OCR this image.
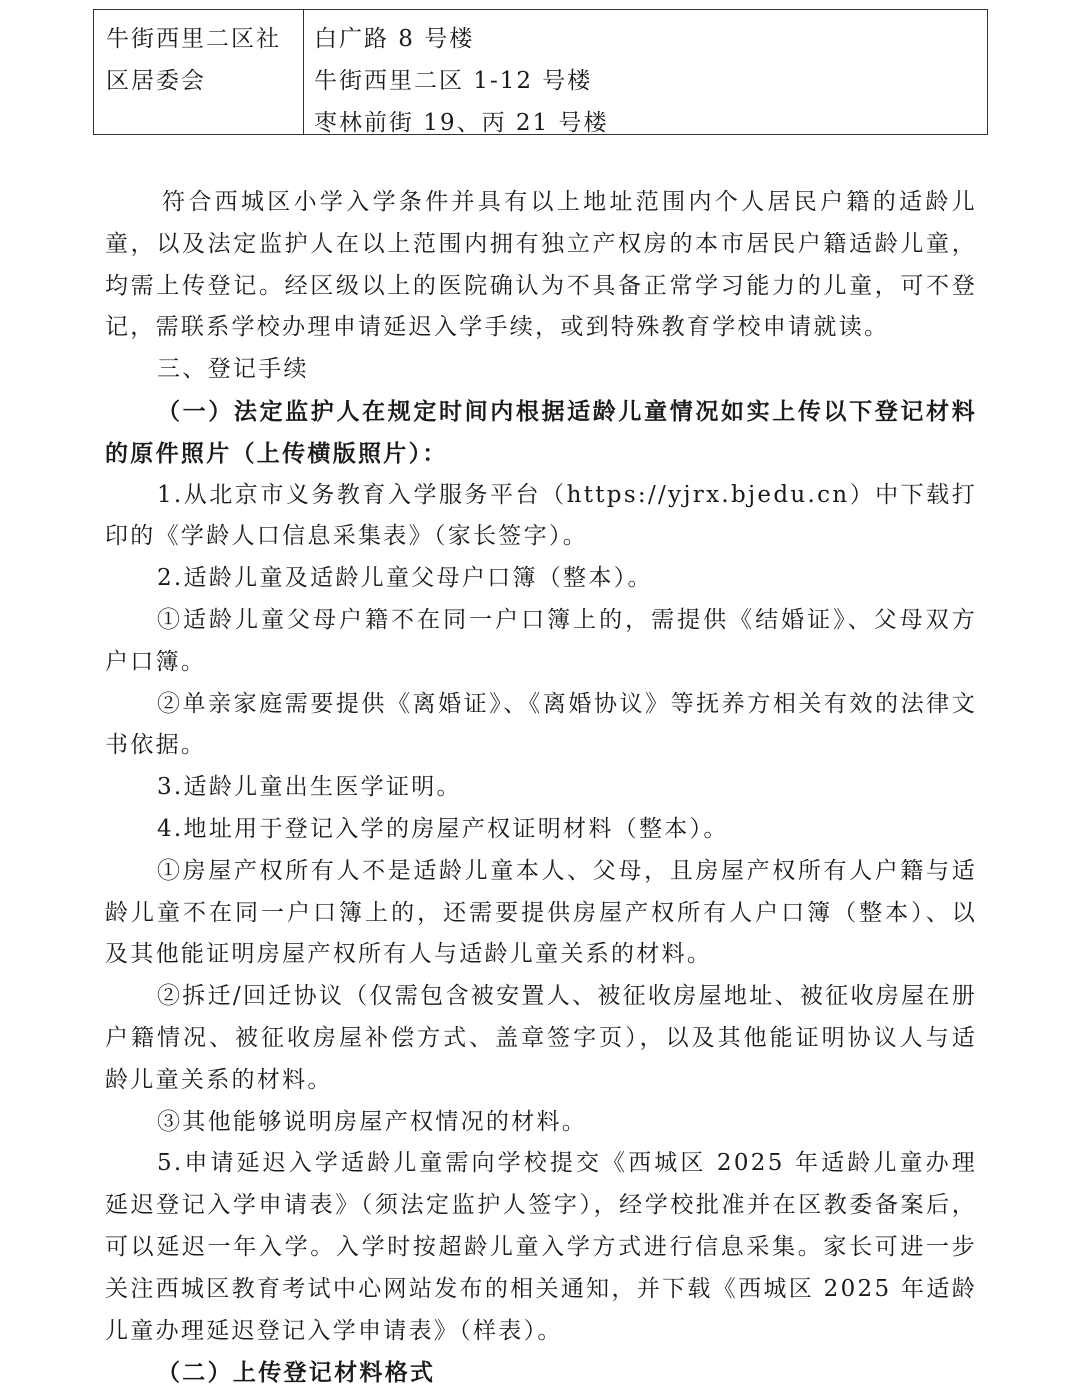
牛街西里二区社
区居委会
白广路 8 号楼
牛街西里二区 1-12 号楼
枣林前街 19、丙 21 号楼

符合西城区小学入学条件并具有以上地址范围内个人居民户籍的适龄儿童，以及法定监护人在以上范围内拥有独立产权房的本市居民户籍适龄儿童，均需上传登记。经区级以上的医院确认为不具备正常学习能力的儿童，可不登记，需联系学校办理申请延迟入学手续，或到特殊教育学校申请就读。

三、登记手续

（一）法定监护人在规定时间内根据适龄儿童情况如实上传以下登记材料的原件照片（上传横版照片）：

1.从北京市义务教育入学服务平台（https://yjrx.bjedu.cn）中下载打印的《学龄人口信息采集表》（家长签字）。

2.适龄儿童及适龄儿童父母户口簿（整本）。

①适龄儿童父母户籍不在同一户口簿上的，需提供《结婚证》、父母双方户口簿。

②单亲家庭需要提供《离婚证》、《离婚协议》等抚养方相关有效的法律文书依据。

3.适龄儿童出生医学证明。

4.地址用于登记入学的房屋产权证明材料（整本）。

①房屋产权所有人不是适龄儿童本人、父母，且房屋产权所有人户籍与适龄儿童不在同一户口簿上的，还需要提供房屋产权所有人户口簿（整本）、以及其他能证明房屋产权所有人与适龄儿童关系的材料。

②拆迁/回迁协议（仅需包含被安置人、被征收房屋地址、被征收房屋在册户籍情况、被征收房屋补偿方式、盖章签字页），以及其他能证明协议人与适龄儿童关系的材料。

③其他能够说明房屋产权情况的材料。

5.申请延迟入学适龄儿童需向学校提交《西城区 2025 年适龄儿童办理延迟登记入学申请表》（须法定监护人签字），经学校批准并在区教委备案后，可以延迟一年入学。入学时按超龄儿童入学方式进行信息采集。家长可进一步关注西城区教育考试中心网站发布的相关通知，并下载《西城区 2025 年适龄儿童办理延迟登记入学申请表》（样表）。

（二）上传登记材料格式
